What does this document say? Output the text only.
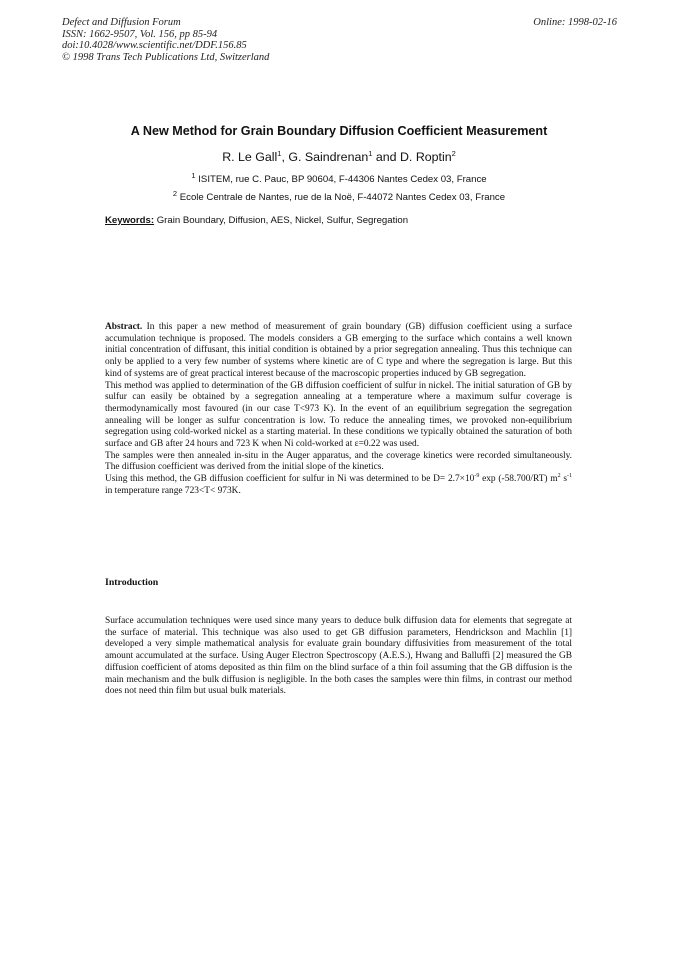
Defect and Diffusion Forum
ISSN: 1662-9507, Vol. 156, pp 85-94
doi:10.4028/www.scientific.net/DDF.156.85
© 1998 Trans Tech Publications Ltd, Switzerland
Online: 1998-02-16
A New Method for Grain Boundary Diffusion Coefficient Measurement
R. Le Gall$^1$, G. Saindrenan$^1$ and D. Roptin$^2$
$^1$ ISITEM, rue C. Pauc, BP 90604, F-44306 Nantes Cedex 03, France
$^2$ Ecole Centrale de Nantes, rue de la Noë, F-44072 Nantes Cedex 03, France
Keywords: Grain Boundary, Diffusion, AES, Nickel, Sulfur, Segregation

Abstract. In this paper a new method of measurement of grain boundary (GB) diffusion coefficient using a surface accumulation technique is proposed. The models considers a GB emerging to the surface which contains a well known initial concentration of diffusant, this initial condition is obtained by a prior segregation annealing. Thus this technique can only be applied to a very few number of systems where kinetic are of C type and where the segregation is large. But this kind of systems are of great practical interest because of the macroscopic properties induced by GB segregation.

This method was applied to determination of the GB diffusion coefficient of sulfur in nickel. The initial saturation of GB by sulfur can easily be obtained by a segregation annealing at a temperature where a maximum sulfur coverage is thermodynamically most favoured (in our case T<973 K). In the event of an equilibrium segregation the segregation annealing will be longer as sulfur concentration is low. To reduce the annealing times, we provoked non-equilibrium segregation using cold-worked nickel as a starting material. In these conditions we typically obtained the saturation of both surface and GB after 24 hours and 723 K when Ni cold-worked at ε=0.22 was used.

The samples were then annealed in-situ in the Auger apparatus, and the coverage kinetics were recorded simultaneously. The diffusion coefficient was derived from the initial slope of the kinetics.

Using this method, the GB diffusion coefficient for sulfur in Ni was determined to be $D= 2.7\times 10^{-9}$ exp (-58.700/RT) $m^2$ $s^{-1}$ in temperature range 723<T< 973K.

Introduction

Surface accumulation techniques were used since many years to deduce bulk diffusion data for elements that segregate at the surface of material. This technique was also used to get GB diffusion parameters, Hendrickson and Machlin [1] developed a very simple mathematical analysis for evaluate grain boundary diffusivities from measurement of the total amount accumulated at the surface. Using Auger Electron Spectroscopy (A.E.S.), Hwang and Balluffi [2] measured the GB diffusion coefficient of atoms deposited as thin film on the blind surface of a thin foil assuming that the GB diffusion is the main mechanism and the bulk diffusion is negligible. In the both cases the samples were thin films, in contrast our method does not need thin film but usual bulk materials.
